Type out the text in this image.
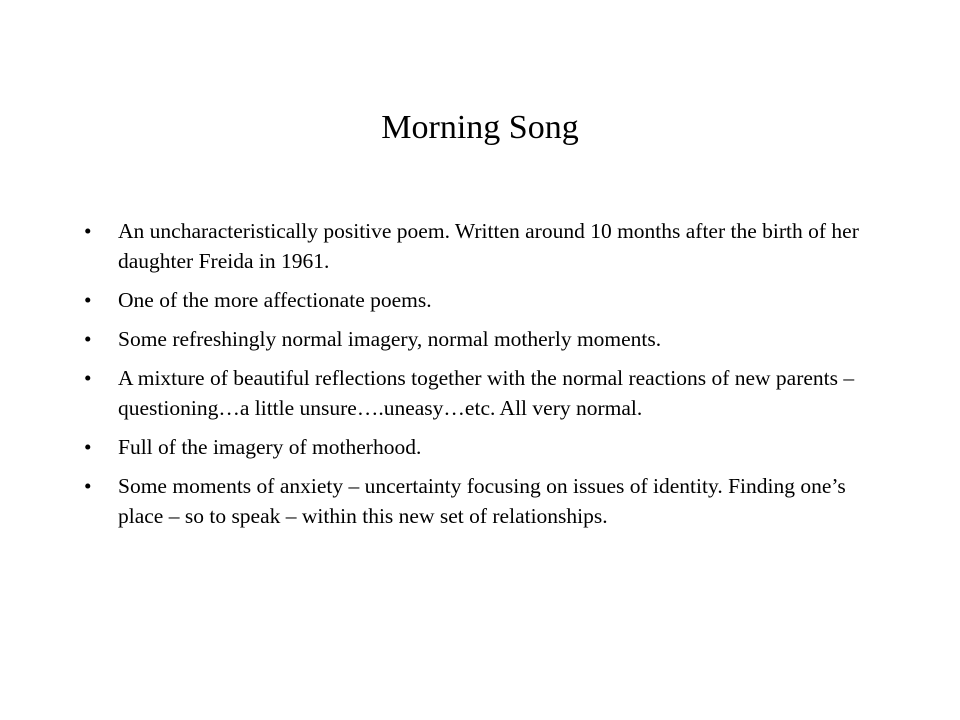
Morning Song
•	An uncharacteristically positive poem. Written around 10 months after the birth of her daughter Freida in 1961.
•	One of the more affectionate poems.
•	Some refreshingly normal imagery, normal motherly moments.
•	A mixture of beautiful reflections together with the normal reactions of new parents – questioning…a little unsure….uneasy…etc. All very normal.
•	Full of the imagery of motherhood.
•	Some moments of anxiety – uncertainty focusing on issues of identity. Finding one’s place – so to speak – within this new set of relationships.
